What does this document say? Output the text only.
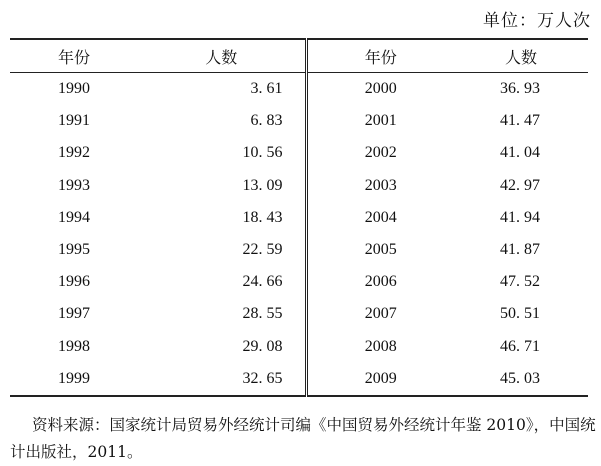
单位：万人次
年份	人数	年份	人数
1990	3. 61	2000	36. 93
1991	6. 83	2001	41. 47
1992	10. 56	2002	41. 04
1993	13. 09	2003	42. 97
1994	18. 43	2004	41. 94
1995	22. 59	2005	41. 87
1996	24. 66	2006	47. 52
1997	28. 55	2007	50. 51
1998	29. 08	2008	46. 71
1999	32. 65	2009	45. 03
资料来源：国家统计局贸易外经统计司编《中国贸易外经统计年鉴 2010》，中国统计出版社，2011。
